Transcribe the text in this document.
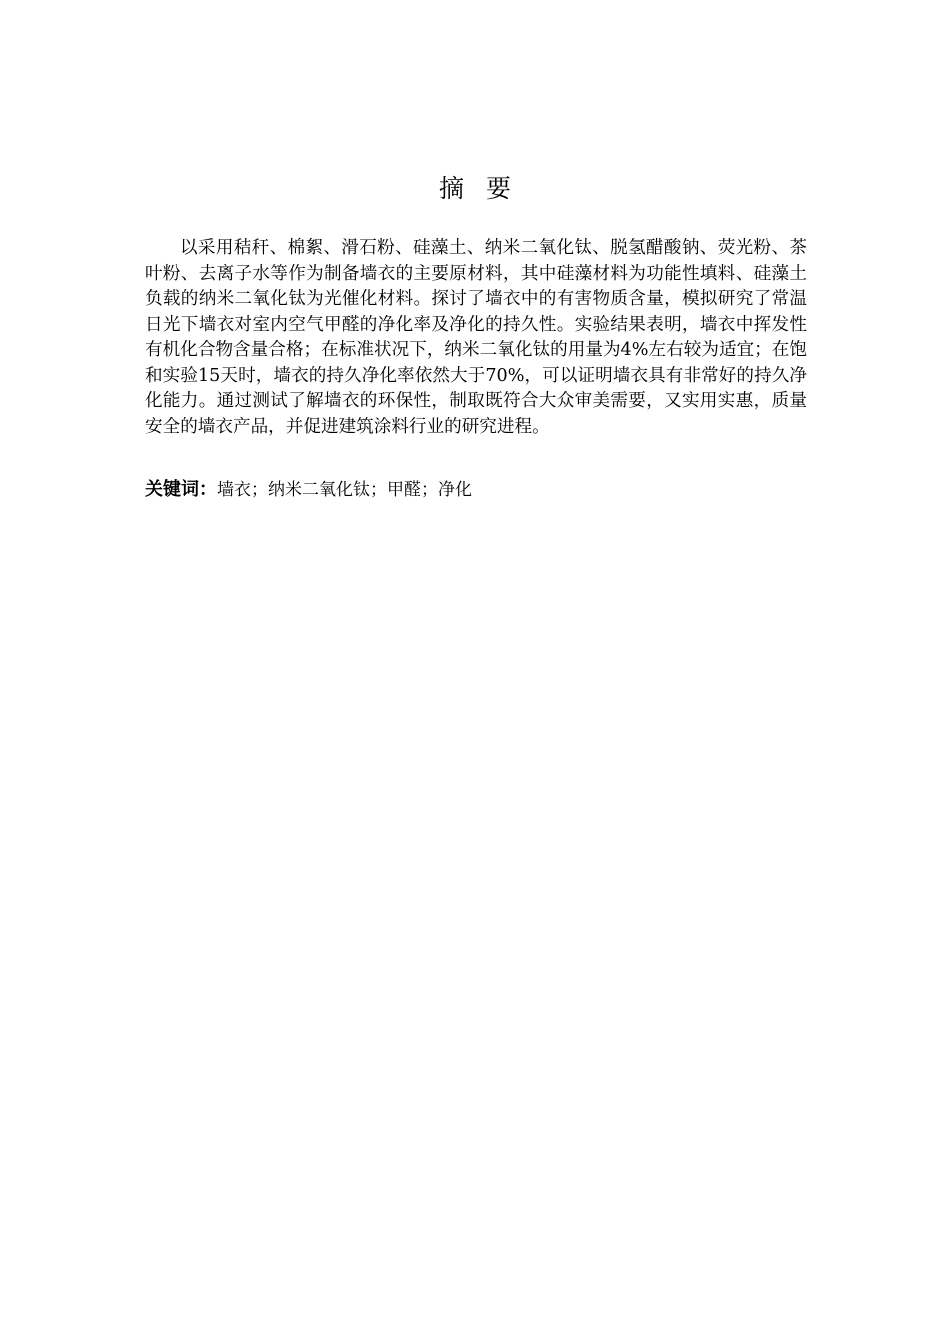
摘要

以采用秸秆、棉絮、滑石粉、硅藻土、纳米二氧化钛、脱氢醋酸钠、荧光粉、茶叶粉、去离子水等作为制备墙衣的主要原材料，其中硅藻材料为功能性填料、硅藻土负载的纳米二氧化钛为光催化材料。探讨了墙衣中的有害物质含量，模拟研究了常温日光下墙衣对室内空气甲醛的净化率及净化的持久性。实验结果表明，墙衣中挥发性有机化合物含量合格；在标准状况下，纳米二氧化钛的用量为4%左右较为适宜；在饱和实验15天时，墙衣的持久净化率依然大于70%，可以证明墙衣具有非常好的持久净化能力。通过测试了解墙衣的环保性，制取既符合大众审美需要，又实用实惠，质量安全的墙衣产品，并促进建筑涂料行业的研究进程。

关键词：墙衣；纳米二氧化钛；甲醛；净化
